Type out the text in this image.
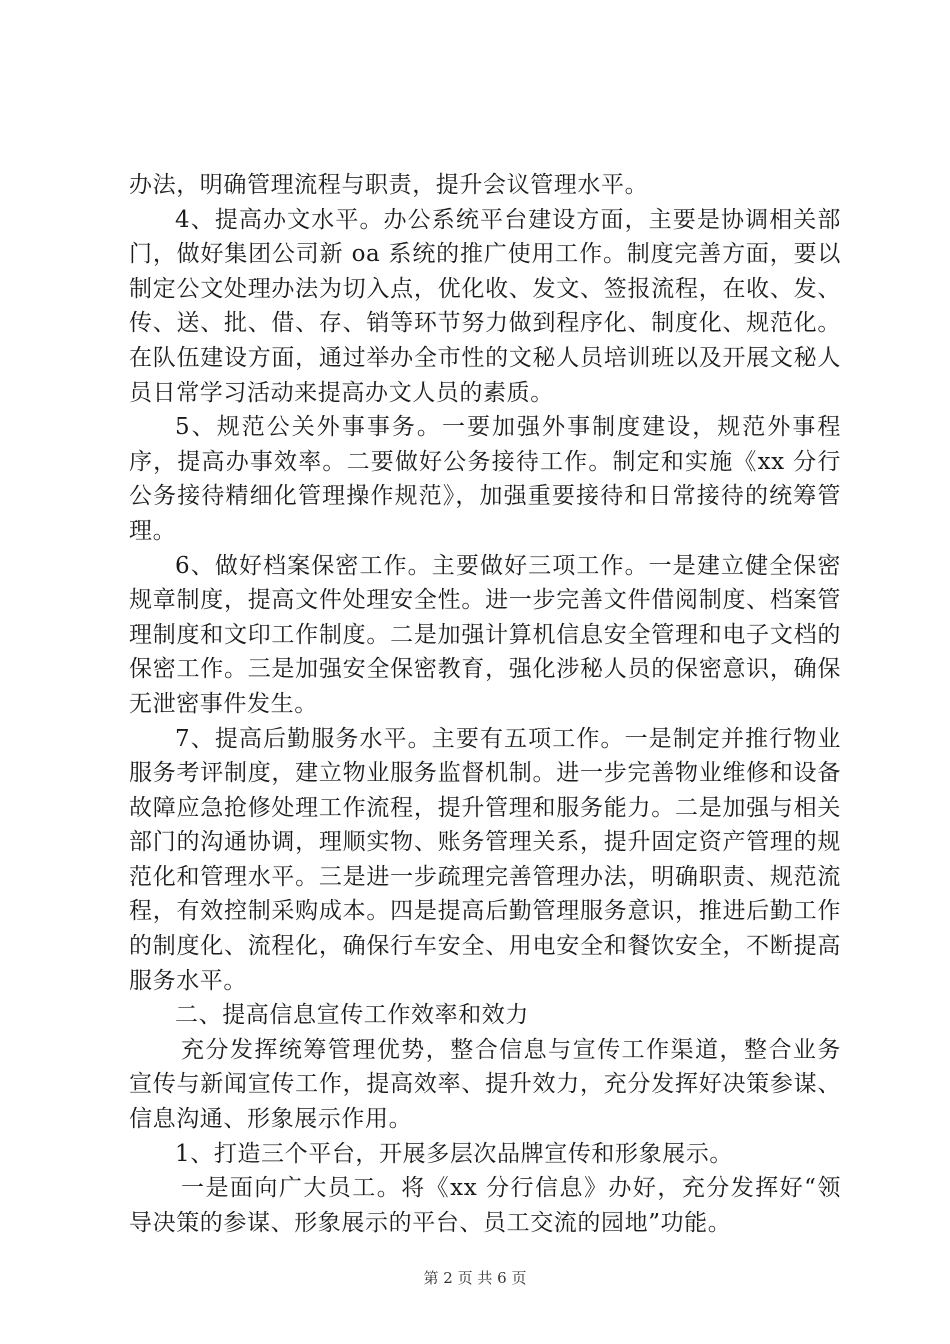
办法，明确管理流程与职责，提升会议管理水平。

4、提高办文水平。办公系统平台建设方面，主要是协调相关部门，做好集团公司新 oa 系统的推广使用工作。制度完善方面，要以制定公文处理办法为切入点，优化收、发文、签报流程，在收、发、传、送、批、借、存、销等环节努力做到程序化、制度化、规范化。在队伍建设方面，通过举办全市性的文秘人员培训班以及开展文秘人员日常学习活动来提高办文人员的素质。

5、规范公关外事事务。一要加强外事制度建设，规范外事程序，提高办事效率。二要做好公务接待工作。制定和实施《xx 分行公务接待精细化管理操作规范》，加强重要接待和日常接待的统筹管理。

6、做好档案保密工作。主要做好三项工作。一是建立健全保密规章制度，提高文件处理安全性。进一步完善文件借阅制度、档案管理制度和文印工作制度。二是加强计算机信息安全管理和电子文档的保密工作。三是加强安全保密教育，强化涉秘人员的保密意识，确保无泄密事件发生。

7、提高后勤服务水平。主要有五项工作。一是制定并推行物业服务考评制度，建立物业服务监督机制。进一步完善物业维修和设备故障应急抢修处理工作流程，提升管理和服务能力。二是加强与相关部门的沟通协调，理顺实物、账务管理关系，提升固定资产管理的规范化和管理水平。三是进一步疏理完善管理办法，明确职责、规范流程，有效控制采购成本。四是提高后勤管理服务意识，推进后勤工作的制度化、流程化，确保行车安全、用电安全和餐饮安全，不断提高服务水平。

二、提高信息宣传工作效率和效力

充分发挥统筹管理优势，整合信息与宣传工作渠道，整合业务宣传与新闻宣传工作，提高效率、提升效力，充分发挥好决策参谋、信息沟通、形象展示作用。

1、打造三个平台，开展多层次品牌宣传和形象展示。

一是面向广大员工。将《xx 分行信息》办好，充分发挥好“领导决策的参谋、形象展示的平台、员工交流的园地”功能。

第 2 页 共 6 页
